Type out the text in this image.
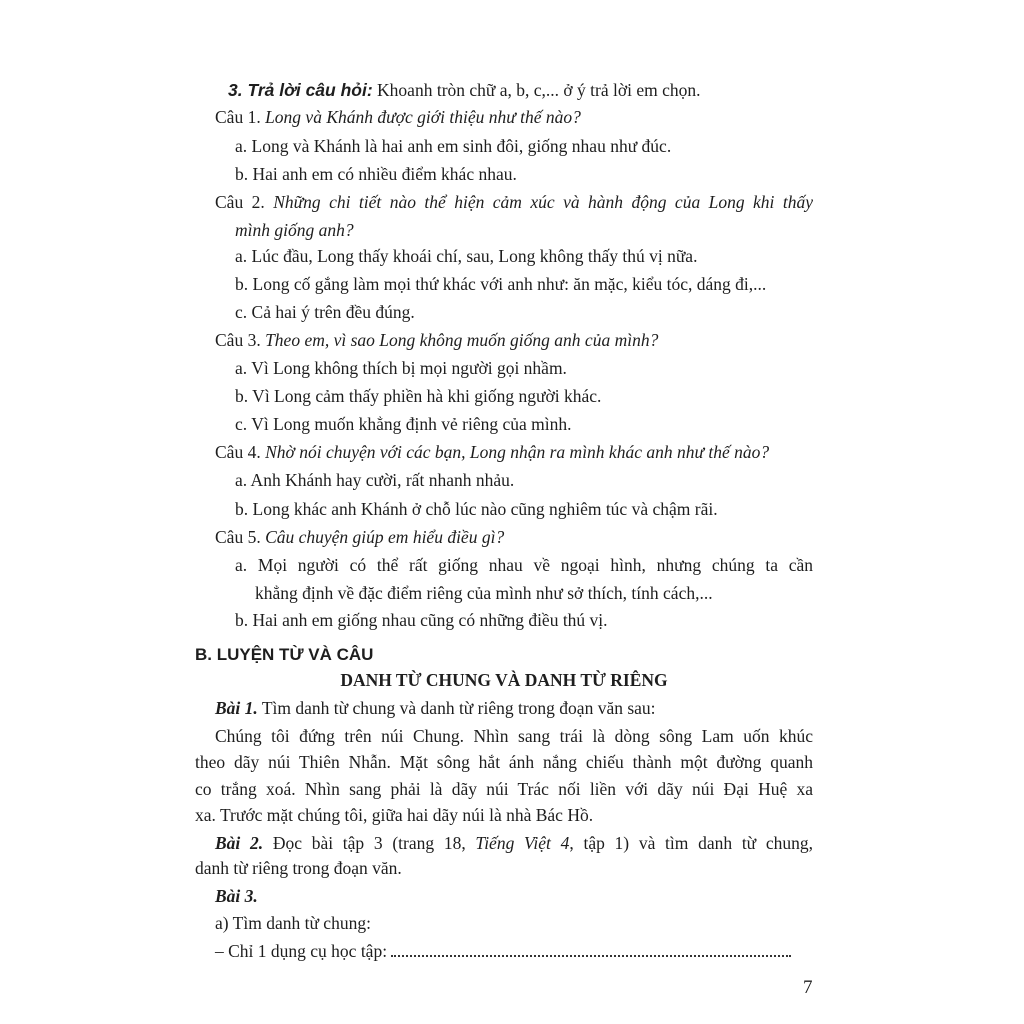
3. Trả lời câu hỏi: Khoanh tròn chữ a, b, c,... ở ý trả lời em chọn.
Câu 1. Long và Khánh được giới thiệu như thế nào?
a. Long và Khánh là hai anh em sinh đôi, giống nhau như đúc.
b. Hai anh em có nhiều điểm khác nhau.
Câu 2. Những chi tiết nào thể hiện cảm xúc và hành động của Long khi thấy
mình giống anh?
a. Lúc đầu, Long thấy khoái chí, sau, Long không thấy thú vị nữa.
b. Long cố gắng làm mọi thứ khác với anh như: ăn mặc, kiểu tóc, dáng đi,...
c. Cả hai ý trên đều đúng.
Câu 3. Theo em, vì sao Long không muốn giống anh của mình?
a. Vì Long không thích bị mọi người gọi nhầm.
b. Vì Long cảm thấy phiền hà khi giống người khác.
c. Vì Long muốn khẳng định vẻ riêng của mình.
Câu 4. Nhờ nói chuyện với các bạn, Long nhận ra mình khác anh như thế nào?
a. Anh Khánh hay cười, rất nhanh nhảu.
b. Long khác anh Khánh ở chỗ lúc nào cũng nghiêm túc và chậm rãi.
Câu 5. Câu chuyện giúp em hiểu điều gì?
a. Mọi người có thể rất giống nhau về ngoại hình, nhưng chúng ta cần
khẳng định về đặc điểm riêng của mình như sở thích, tính cách,...
b. Hai anh em giống nhau cũng có những điều thú vị.
B. LUYỆN TỪ VÀ CÂU
DANH TỪ CHUNG VÀ DANH TỪ RIÊNG
Bài 1. Tìm danh từ chung và danh từ riêng trong đoạn văn sau:
Chúng tôi đứng trên núi Chung. Nhìn sang trái là dòng sông Lam uốn khúc
theo dãy núi Thiên Nhẫn. Mặt sông hắt ánh nắng chiếu thành một đường quanh
co trắng xoá. Nhìn sang phải là dãy núi Trác nối liền với dãy núi Đại Huệ xa
xa. Trước mặt chúng tôi, giữa hai dãy núi là nhà Bác Hồ.
Bài 2. Đọc bài tập 3 (trang 18, Tiếng Việt 4, tập 1) và tìm danh từ chung,
danh từ riêng trong đoạn văn.
Bài 3.
a) Tìm danh từ chung:
– Chỉ 1 dụng cụ học tập:
7
